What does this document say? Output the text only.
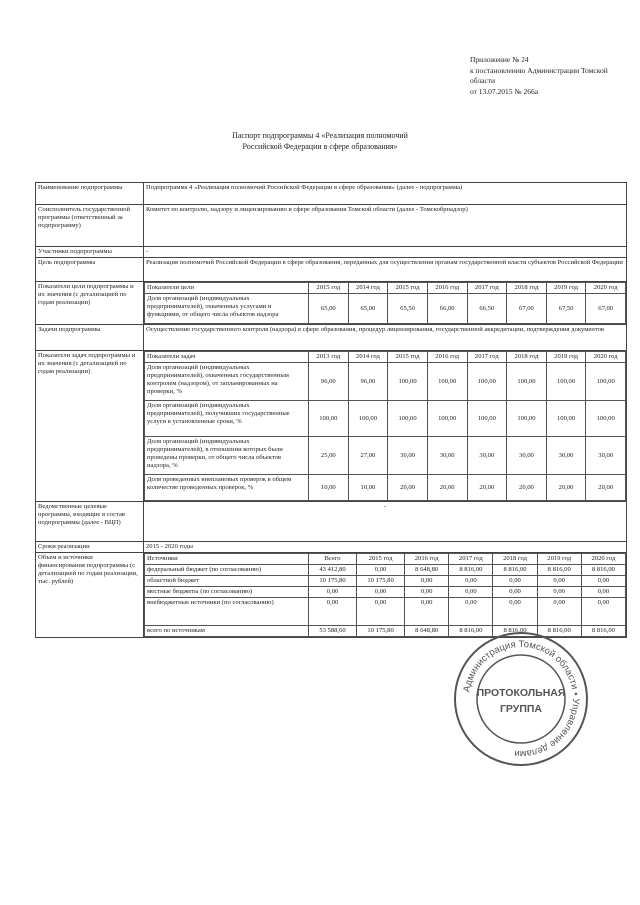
Приложение № 24
к постановлению Администрации Томской
области
от 13.07.2015 № 266а
Паспорт подпрограммы 4 «Реализация полномочий
Российской Федерации в сфере образования»
Наименование подпрограммы	Подпрограмма 4 «Реализация полномочий Российской Федерации в сфере образования» (далее - подпрограмма)
Соисполнитель государственной программы (ответственный за подпрограмму)	Комитет по контролю, надзору и лицензированию в сфере образования Томской области (далее - Томскобрнадзор)
Участники подпрограммы	-
Цель подпрограммы	Реализация полномочий Российской Федерации в сфере образования, переданных для осуществления органам государственной власти субъектов Российской Федерации
Показатели цели подпрограммы и их значения (с детализацией по годам реализации)	
Показатели цели	2015 год	2014 год	2015 год	2016 год	2017 год	2018 год	2019 год	2020 год
Доля организаций (индивидуальных предпринимателей), охваченных услугами и функциями, от общего числа объектов надзора	65,00	65,00	65,50	66,00	66,50	67,00	67,50	67,00

Задачи подпрограммы	Осуществление государственного контроля (надзора) в сфере образования, процедур лицензирования, государственной аккредитации, подтверждения документов
Показатели задач подпрограммы и их значения (с детализацией по годам реализации)	
Показатели задач	2013 год	2014 год	2015 год	2016 год	2017 год	2018 год	2019 год	2020 год
Доля организаций (индивидуальных предпринимателей), охваченных государственным контролем (надзором), от запланированных на проверки, %	96,00	96,00	100,00	100,00	100,00	100,00	100,00	100,00
Доля организаций (индивидуальных предпринимателей), получивших государственные услуги в установленные сроки, %	100,00	100,00	100,00	100,00	100,00	100,00	100,00	100,00
Доля организаций (индивидуальных предпринимателей), в отношении которых были проведены проверки, от общего числа объектов надзора, %	25,00	27,00	30,00	30,00	30,00	30,00	30,00	30,00
Доля проведенных внеплановых проверок в общем количестве проведенных проверок, %	10,00	10,00	20,00	20,00	20,00	20,00	20,00	20,00

Ведомственные целевые программы, входящие в состав подпрограммы (далее - ВЦП)	-
Сроки реализации	2015 - 2020 годы
Объем и источники финансирования подпрограммы (с детализацией по годам реализации, тыс. рублей)	
Источники	Всего	2015 год	2016 год	2017 год	2018 год	2019 год	2020 год
федеральный бюджет (по согласованию)	43 412,80	0,00	8 648,80	8 816,00	8 816,00	8 816,00	8 816,00
областной бюджет	10 175,80	10 175,80	0,00	0,00	0,00	0,00	0,00
местные бюджеты (по согласованию)	0,00	0,00	0,00	0,00	0,00	0,00	0,00
внебюджетные источники (по согласованию)	0,00	0,00	0,00	0,00	0,00	0,00	0,00
всего по источникам	53 588,60	10 175,80	8 648,80	8 816,00	8 816,00	8 816,00	8 816,00
Администрация Томской области • Управление делами
ПРОТОКОЛЬНАЯ
ГРУППА
